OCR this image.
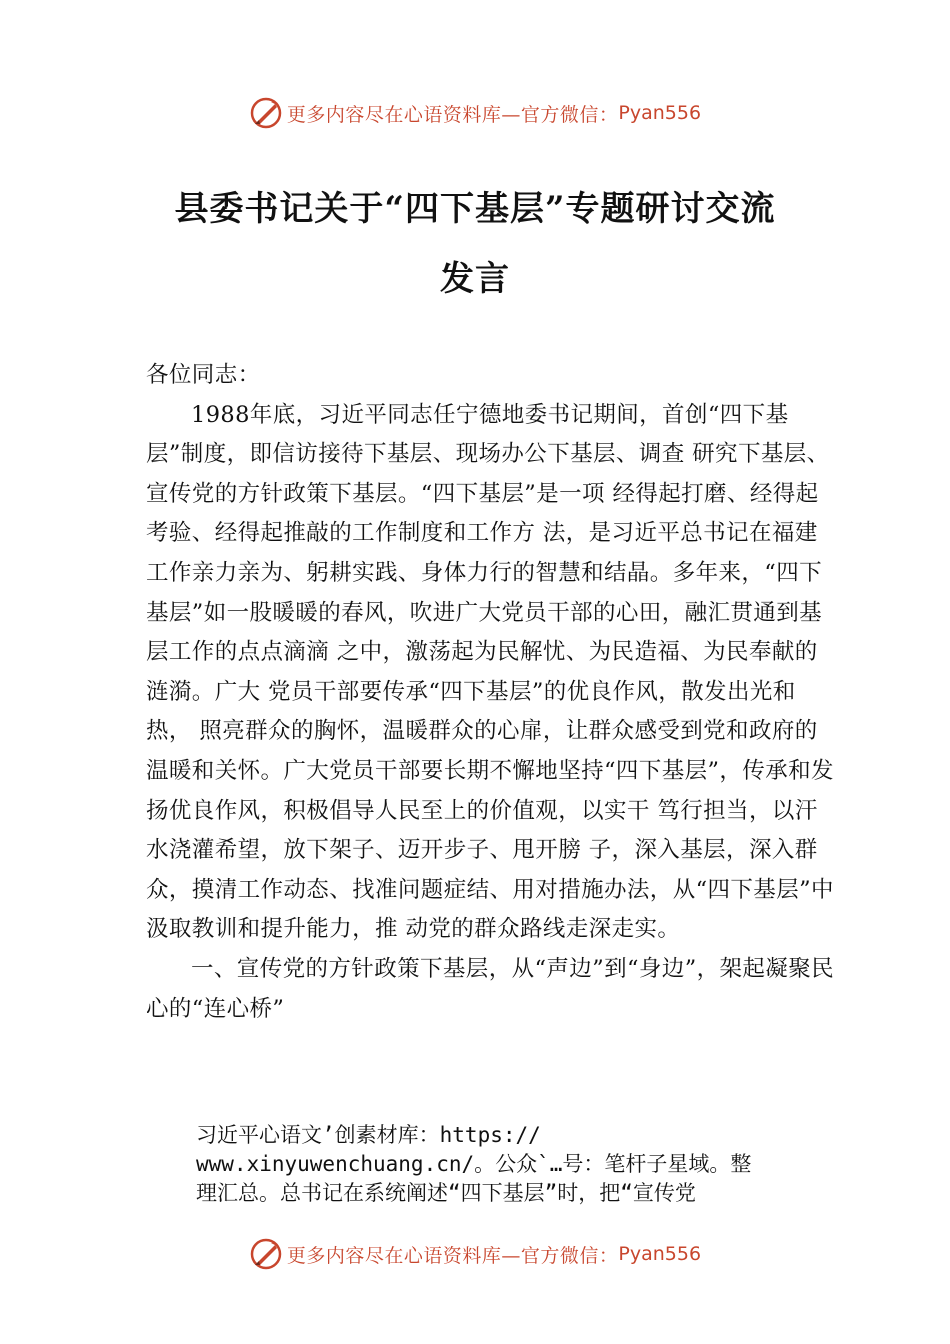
更多内容尽在心语资料库—官方微信： Pyan556
县委书记关于“四下基层”专题研讨交流
发言

各位同志：

1988年底，习近平同志任宁德地委书记期间，首创“四下基层”制度，即信访接待下基层、现场办公下基层、调查 研究下基层、宣传党的方针政策下基层。“四下基层”是一项 经得起打磨、经得起考验、经得起推敲的工作制度和工作方 法，是习近平总书记在福建工作亲力亲为、躬耕实践、身体力行的智慧和结晶。多年来，“四下基层”如一股暖暖的春风，吹进广大党员干部的心田，融汇贯通到基层工作的点点滴滴 之中，激荡起为民解忧、为民造福、为民奉献的涟漪。广大 党员干部要传承“四下基层”的优良作风，散发出光和热， 照亮群众的胸怀，温暖群众的心扉，让群众感受到党和政府的温暖和关怀。广大党员干部要长期不懈地坚持“四下基层”，传承和发扬优良作风，积极倡导人民至上的价值观，以实干 笃行担当，以汗水浇灌希望，放下架子、迈开步子、甩开膀 子，深入基层，深入群众，摸清工作动态、找准问题症结、用对措施办法，从“四下基层”中汲取教训和提升能力，推 动党的群众路线走深走实。

一、宣传党的方针政策下基层，从“声边”到“身边”，架起凝聚民心的“连心桥”

习近平心语文’创素材库：https://
www.xinyuwenchuang.cn/。公众`…号：笔杆子星域。整
理汇总。总书记在系统阐述“四下基层”时，把“宣传党
更多内容尽在心语资料库—官方微信： Pyan556
